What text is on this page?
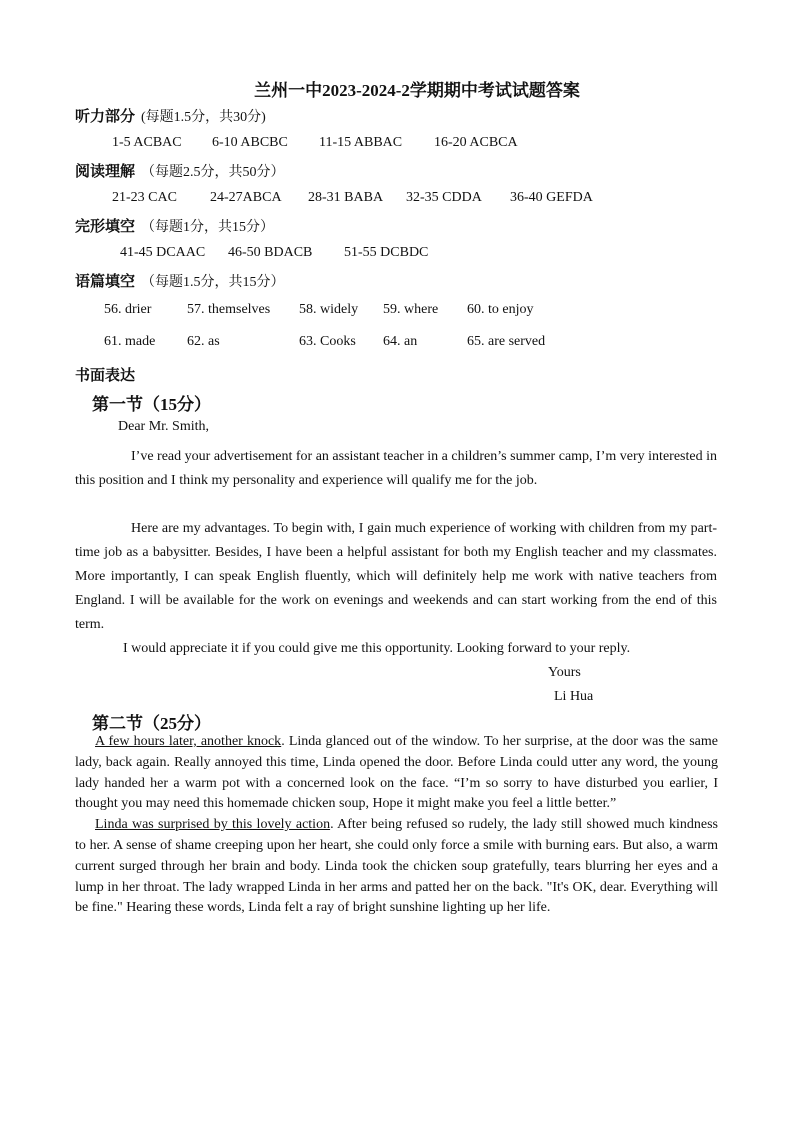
兰州一中2023-2024-2学期期中考试试题答案
听力部分 (每题1.5分，共30分)
1-5 ACBAC 6-10 ABCBC 11-15 ABBAC 16-20 ACBCA
阅读理解 （每题2.5分，共50分）
21-23 CAC 24-27ABCA 28-31 BABA 32-35 CDDA 36-40 GEFDA
完形填空 （每题1分，共15分）
41-45 DCAAC 46-50 BDACB 51-55 DCBDC
语篇填空 （每题1.5分，共15分）
56. drier	57. themselves 58. widely 59. where 60. to enjoy
61. made 62. as	63. Cooks 64. an	65. are served
书面表达
第一节（15分）
Dear Mr. Smith,
I’ve read your advertisement for an assistant teacher in a children’s summer camp, I’m very interested in this position and I think my personality and experience will qualify me for the job.
Here are my advantages. To begin with, I gain much experience of working with children from my part-time job as a babysitter. Besides, I have been a helpful assistant for both my English teacher and my classmates. More importantly, I can speak English fluently, which will definitely help me work with native teachers from England. I will be available for the work on evenings and weekends and can start working from the end of this term.
I would appreciate it if you could give me this opportunity. Looking forward to your reply.
Yours
Li Hua
第二节（25分）

A few hours later, another knock. Linda glanced out of the window. To her surprise, at the door was the same lady, back again. Really annoyed this time, Linda opened the door. Before Linda could utter any word, the young lady handed her a warm pot with a concerned look on the face. “I’m so sorry to have disturbed you earlier, I thought you may need this homemade chicken soup, Hope it might make you feel a little better.”

Linda was surprised by this lovely action. After being refused so rudely, the lady still showed much kindness to her. A sense of shame creeping upon her heart, she could only force a smile with burning ears. But also, a warm current surged through her brain and body. Linda took the chicken soup gratefully, tears blurring her eyes and a lump in her throat. The lady wrapped Linda in her arms and patted her on the back. "It's OK, dear. Everything will be fine." Hearing these words, Linda felt a ray of bright sunshine lighting up her life.
